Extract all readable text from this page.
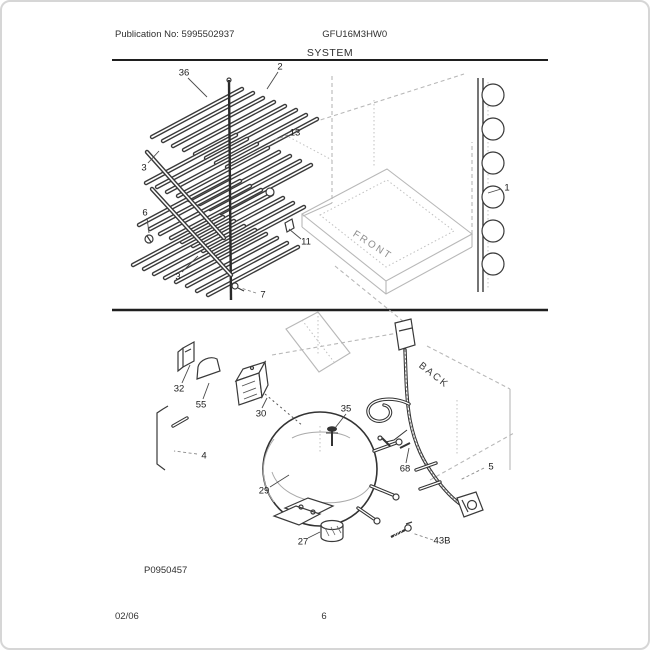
Publication No: 5995502937	GFU16M3HW0
SYSTEM
FRONT
BACK
36
2
13
3
6
3
11
7
1
32
55
30	35
4
29
27
68	5
43B
P0950457
02/06	6
